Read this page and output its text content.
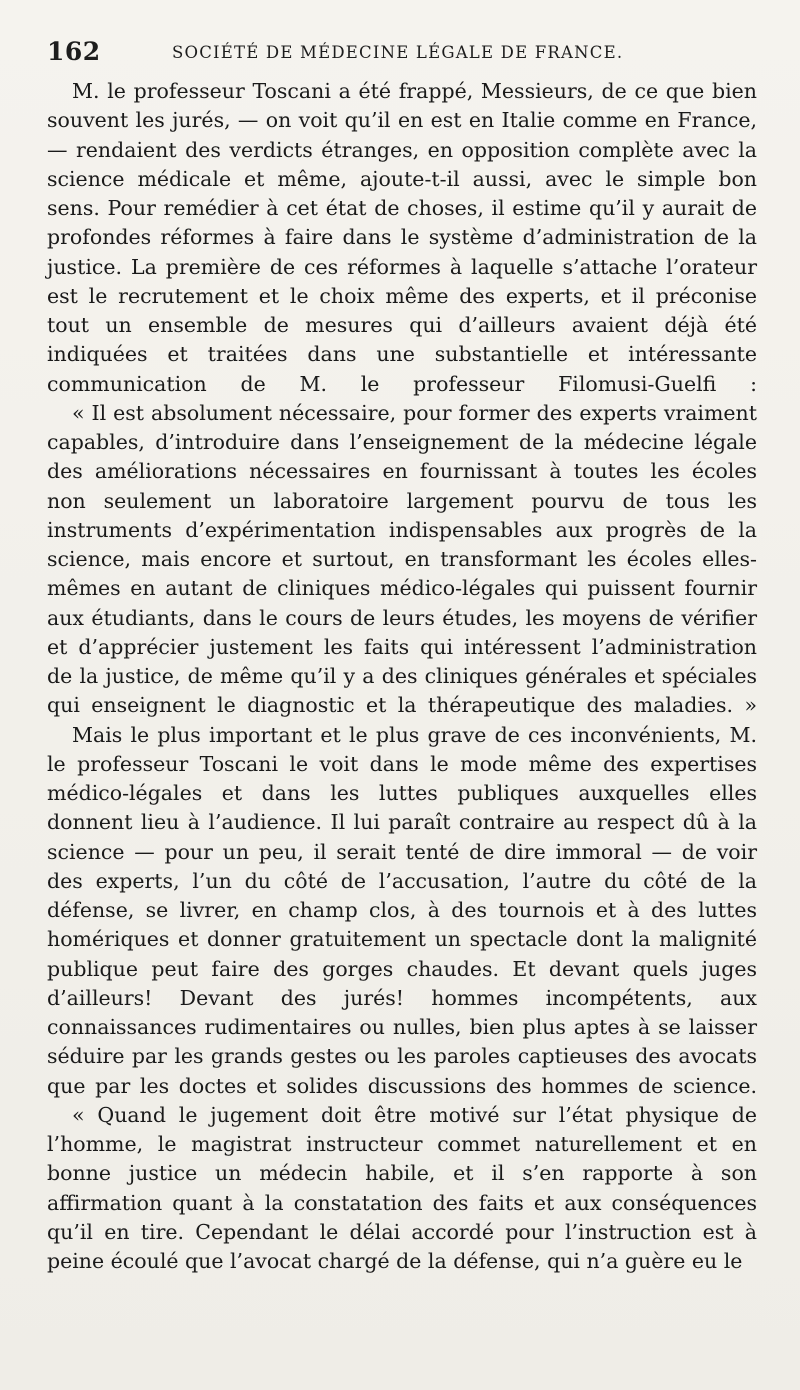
162	SOCIÉTÉ DE MÉDECINE LÉGALE DE FRANCE.

M. le professeur Toscani a été frappé, Messieurs, de ce que bien souvent les jurés, — on voit qu’il en est en Italie comme en France, — rendaient des verdicts étranges, en opposition complète avec la science médicale et même, ajoute-t-il aussi, avec le simple bon sens. Pour remédier à cet état de choses, il estime qu’il y aurait de profondes réformes à faire dans le système d’administration de la justice. La première de ces réformes à laquelle s’attache l’orateur est le recrutement et le choix même des experts, et il préconise tout un ensemble de mesures qui d’ailleurs avaient déjà été indiquées et traitées dans une substantielle et intéressante communication de M. le professeur Filomusi-Guelfi :

« Il est absolument nécessaire, pour former des experts vraiment capables, d’introduire dans l’enseignement de la médecine légale des améliorations nécessaires en fournissant à toutes les écoles non seulement un laboratoire largement pourvu de tous les instruments d’expérimentation indispensables aux progrès de la science, mais encore et surtout, en transformant les écoles elles-mêmes en autant de cliniques médico-légales qui puissent fournir aux étudiants, dans le cours de leurs études, les moyens de vérifier et d’apprécier justement les faits qui intéressent l’administration de la justice, de même qu’il y a des cliniques générales et spéciales qui enseignent le diagnostic et la thérapeutique des maladies. »

Mais le plus important et le plus grave de ces inconvénients, M. le professeur Toscani le voit dans le mode même des expertises médico-légales et dans les luttes publiques auxquelles elles donnent lieu à l’audience. Il lui paraît contraire au respect dû à la science — pour un peu, il serait tenté de dire immoral — de voir des experts, l’un du côté de l’accusation, l’autre du côté de la défense, se livrer, en champ clos, à des tournois et à des luttes homériques et donner gratuitement un spectacle dont la malignité publique peut faire des gorges chaudes. Et devant quels juges d’ailleurs! Devant des jurés! hommes incompétents, aux connaissances rudimentaires ou nulles, bien plus aptes à se laisser séduire par les grands gestes ou les paroles captieuses des avocats que par les doctes et solides discussions des hommes de science.

« Quand le jugement doit être motivé sur l’état physique de l’homme, le magistrat instructeur commet naturellement et en bonne justice un médecin habile, et il s’en rapporte à son affirmation quant à la constatation des faits et aux conséquences qu’il en tire. Cependant le délai accordé pour l’instruction est à peine écoulé que l’avocat chargé de la défense, qui n’a guère eu le
